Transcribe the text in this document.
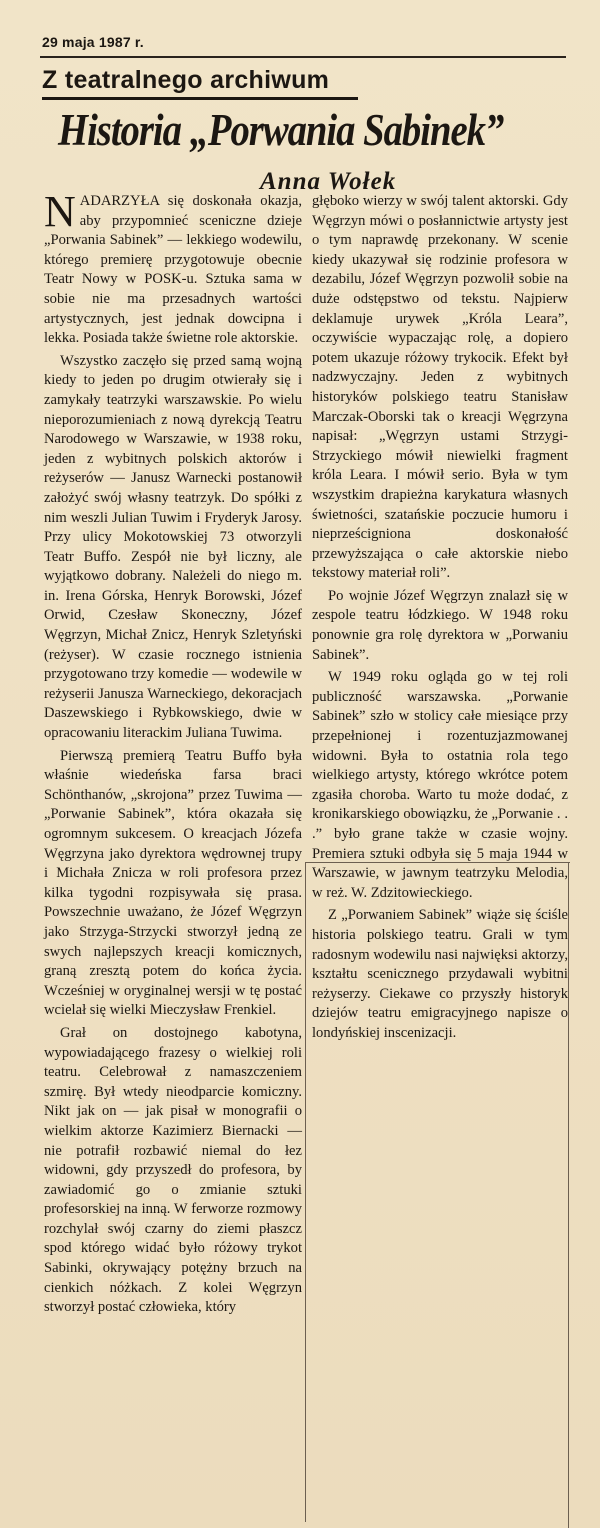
29 maja 1987 r.
Z teatralnego archiwum
Historia „Porwania Sabinek”
Anna Wołek

NADARZYŁA się doskonała okazja, aby przypomnieć sceniczne dzieje „Porwania Sabinek” — lekkiego wodewilu, którego premierę przygotowuje obecnie Teatr Nowy w POSK-u. Sztuka sama w sobie nie ma przesadnych wartości artystycznych, jest jednak dowcipna i lekka. Posiada także świetne role aktorskie.

Wszystko zaczęło się przed samą wojną kiedy to jeden po drugim otwierały się i zamykały teatrzyki warszawskie. Po wielu nieporozumieniach z nową dyrekcją Teatru Narodowego w Warszawie, w 1938 roku, jeden z wybitnych polskich aktorów i reżyserów — Janusz Warnecki postanowił założyć swój własny teatrzyk. Do spółki z nim weszli Julian Tuwim i Fryderyk Jarosy. Przy ulicy Mokotowskiej 73 otworzyli Teatr Buffo. Zespół nie był liczny, ale wyjątkowo dobrany. Należeli do niego m. in. Irena Górska, Henryk Borowski, Józef Orwid, Czesław Skoneczny, Józef Węgrzyn, Michał Znicz, Henryk Szletyński (reżyser). W czasie rocznego istnienia przygotowano trzy komedie — wodewile w reżyserii Janusza Warneckiego, dekoracjach Daszewskiego i Rybkowskiego, dwie w opracowaniu literackim Juliana Tuwima.

Pierwszą premierą Teatru Buffo była właśnie wiedeńska farsa braci Schönthanów, „skrojona” przez Tuwima — „Porwanie Sabinek”, która okazała się ogromnym sukcesem. O kreacjach Józefa Węgrzyna jako dyrektora wędrownej trupy i Michała Znicza w roli profesora przez kilka tygodni rozpisywała się prasa. Powszechnie uważano, że Józef Węgrzyn jako Strzyga-Strzycki stworzył jedną ze swych najlepszych kreacji komicznych, graną zresztą potem do końca życia. Wcześniej w oryginalnej wersji w tę postać wcielał się wielki Mieczysław Frenkiel.

Grał on dostojnego kabotyna, wypowiadającego frazesy o wielkiej roli teatru. Celebrował z namaszczeniem szmirę. Był wtedy nieodparcie komiczny. Nikt jak on — jak pisał w monografii o wielkim aktorze Kazimierz Biernacki — nie potrafił rozbawić niemal do łez widowni, gdy przyszedł do profesora, by zawiadomić go o zmianie sztuki profesorskiej na inną. W ferworze rozmowy rozchylał swój czarny do ziemi płaszcz spod którego widać było różowy trykot Sabinki, okrywający potężny brzuch na cienkich nóżkach. Z kolei Węgrzyn stworzył postać człowieka, który

głęboko wierzy w swój talent aktorski. Gdy Węgrzyn mówi o posłannictwie artysty jest o tym naprawdę przekonany. W scenie kiedy ukazywał się rodzinie profesora w dezabilu, Józef Węgrzyn pozwolił sobie na duże odstępstwo od tekstu. Najpierw deklamuje urywek „Króla Leara”, oczywiście wypaczając rolę, a dopiero potem ukazuje różowy trykocik. Efekt był nadzwyczajny. Jeden z wybitnych historyków polskiego teatru Stanisław Marczak-Oborski tak o kreacji Węgrzyna napisał: „Węgrzyn ustami Strzygi-Strzyckiego mówił niewielki fragment króla Leara. I mówił serio. Była w tym wszystkim drapieżna karykatura własnych świetności, szatańskie poczucie humoru i nieprześcigniona doskonałość przewyższająca o całe aktorskie niebo tekstowy materiał roli”.

Po wojnie Józef Węgrzyn znalazł się w zespole teatru łódzkiego. W 1948 roku ponownie gra rolę dyrektora w „Porwaniu Sabinek”.

W 1949 roku ogląda go w tej roli publiczność warszawska. „Porwanie Sabinek” szło w stolicy całe miesiące przy przepełnionej i rozentuzjazmowanej widowni. Była to ostatnia rola tego wielkiego artysty, którego wkrótce potem zgasiła choroba. Warto tu może dodać, z kronikarskiego obowiązku, że „Porwanie . . .” było grane także w czasie wojny. Premiera sztuki odbyła się 5 maja 1944 w Warszawie, w jawnym teatrzyku Melodia, w reż. W. Zdzitowieckiego.

Z „Porwaniem Sabinek” wiąże się ściśle historia polskiego teatru. Grali w tym radosnym wodewilu nasi najwięksi aktorzy, kształtu scenicznego przydawali wybitni reżyserzy. Ciekawe co przyszły historyk dziejów teatru emigracyjnego napisze o londyńskiej inscenizacji.
